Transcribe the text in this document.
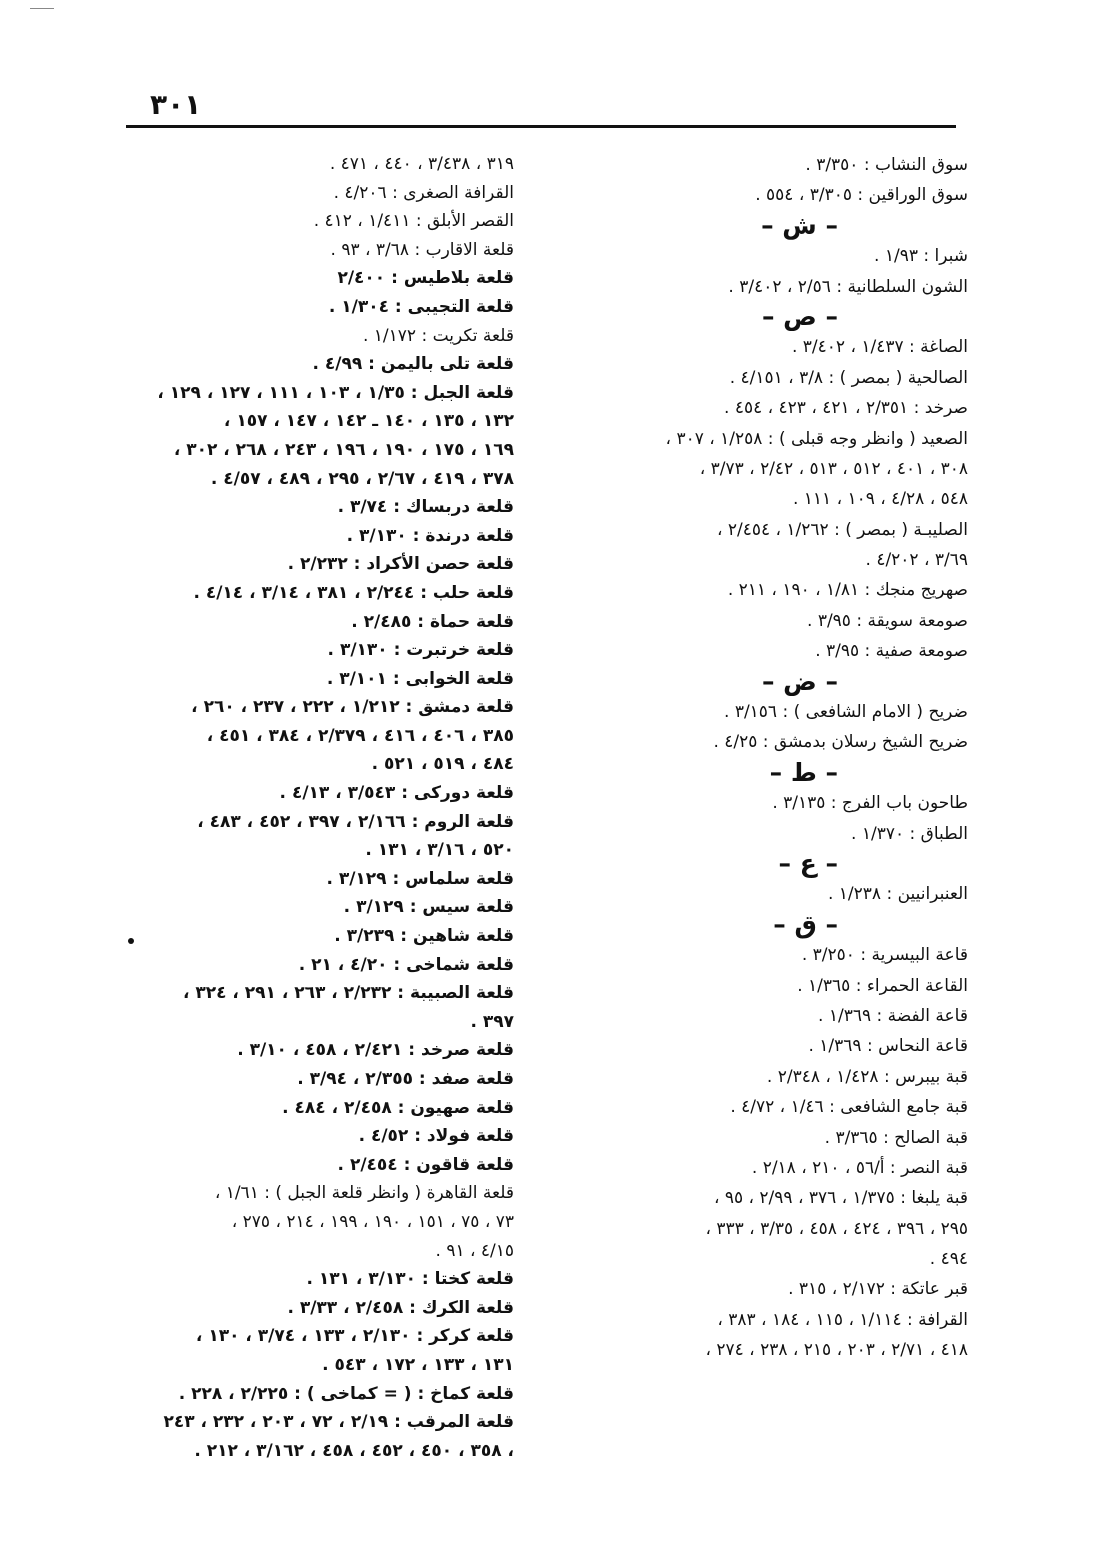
٣٠١
سوق النشاب : ٣/٣٥٠ .
سوق الوراقين : ٣/٣٠٥ ، ٥٥٤ .
– ش –
شبرا : ١/٩٣ .
الشون السلطانية : ٢/٥٦ ، ٣/٤٠٢ .
– ص –
الصاغة : ١/٤٣٧ ، ٣/٤٠٢ .
الصالحية ( بمصر ) : ٣/٨ ، ٤/١٥١ .
صرخد : ٢/٣٥١ ، ٤٢١ ، ٤٢٣ ، ٤٥٤ .
الصعيد ( وانظر وجه قبلى ) : ١/٢٥٨ ، ٣٠٧ ،
٣٠٨ ، ٤٠١ ، ٥١٢ ، ٥١٣ ، ٢/٤٢ ، ٣/٧٣ ،
٥٤٨ ، ٤/٢٨ ، ١٠٩ ، ١١١ .
الصليبـة ( بمصر ) : ١/٢٦٢ ، ٢/٤٥٤ ،
٣/٦٩ ، ٤/٢٠٢ .
صهريج منجك : ١/٨١ ، ١٩٠ ، ٢١١ .
صومعة سويقة : ٣/٩٥ .
صومعة صفية : ٣/٩٥ .
– ض –
ضريح ( الامام الشافعى ) : ٣/١٥٦ .
ضريح الشيخ رسلان بدمشق : ٤/٢٥ .
– ط –
طاحون باب الفرج : ٣/١٣٥ .
الطباق : ١/٣٧٠ .
– ع –
العنبرانيين : ١/٢٣٨ .
– ق –
قاعة البيسرية : ٣/٢٥٠ .
القاعة الحمراء : ١/٣٦٥ .
قاعة الفضة : ١/٣٦٩ .
قاعة النحاس : ١/٣٦٩ .
قبة بيبرس : ١/٤٢٨ ، ٢/٣٤٨ .
قبة جامع الشافعى : ١/٤٦ ، ٤/٧٢ .
قبة الصالح : ٣/٣٦٥ .
قبة النصر : أ/٥٦ ، ٢١٠ ، ٢/١٨ .
قبة يلبغا : ١/٣٧٥ ، ٣٧٦ ، ٢/٩٩ ، ٩٥ ،
٢٩٥ ، ٣٩٦ ، ٤٢٤ ، ٤٥٨ ، ٣/٣٥ ، ٣٣٣ ،
٤٩٤ .
قبر عاتكة : ٢/١٧٢ ، ٣١٥ .
القرافة : ١/١١٤ ، ١١٥ ، ١٨٤ ، ٣٨٣ ،
٤١٨ ، ٢/٧١ ، ٢٠٣ ، ٢١٥ ، ٢٣٨ ، ٢٧٤ ،
٣١٩ ، ٣/٤٣٨ ، ٤٤٠ ، ٤٧١ .
القرافة الصغرى : ٤/٢٠٦ .
القصر الأبلق : ١/٤١١ ، ٤١٢ .
قلعة الاقارب : ٣/٦٨ ، ٩٣ .
قلعة بلاطيس : ٢/٤٠٠
قلعة التجيبى : ١/٣٠٤ .
قلعة تكريت : ١/١٧٢ .
قلعة تلى باليمن : ٤/٩٩ .
قلعة الجبل : ١/٣٥ ، ١٠٣ ، ١١١ ، ١٢٧ ، ١٢٩ ،
١٣٢ ، ١٣٥ ، ١٤٠ ـ ١٤٢ ، ١٤٧ ، ١٥٧ ،
١٦٩ ، ١٧٥ ، ١٩٠ ، ١٩٦ ، ٢٤٣ ، ٢٦٨ ، ٣٠٢ ،
٣٧٨ ، ٤١٩ ، ٢/٦٧ ، ٢٩٥ ، ٤٨٩ ، ٤/٥٧ .
قلعة دربساك : ٣/٧٤ .
قلعة درندة : ٣/١٣٠ .
قلعة حصن الأكراد : ٢/٢٣٢ .
قلعة حلب : ٢/٢٤٤ ، ٣٨١ ، ٣/١٤ ، ٤/١٤ .
قلعة حماة : ٢/٤٨٥ .
قلعة خرتبرت : ٣/١٣٠ .
قلعة الخوابى : ٣/١٠١ .
قلعة دمشق : ١/٢١٢ ، ٢٢٢ ، ٢٣٧ ، ٢٦٠ ،
٣٨٥ ، ٤٠٦ ، ٤١٦ ، ٢/٣٧٩ ، ٣٨٤ ، ٤٥١ ،
٤٨٤ ، ٥١٩ ، ٥٢١ .
قلعة دوركى : ٣/٥٤٣ ، ٤/١٣ .
قلعة الروم : ٢/١٦٦ ، ٣٩٧ ، ٤٥٢ ، ٤٨٣ ،
٥٢٠ ، ٣/١٦ ، ١٣١ .
قلعة سلماس : ٣/١٢٩ .
قلعة سيس : ٣/١٢٩ .
قلعة شاهين : ٣/٢٣٩ .
قلعة شماخى : ٤/٢٠ ، ٢١ .
قلعة الصبيبة : ٢/٢٣٢ ، ٢٦٣ ، ٢٩١ ، ٣٢٤ ،
٣٩٧ .
قلعة صرخد : ٢/٤٢١ ، ٤٥٨ ، ٣/١٠ .
قلعة صفد : ٢/٣٥٥ ، ٣/٩٤ .
قلعة صهيون : ٢/٤٥٨ ، ٤٨٤ .
قلعة فولاد : ٤/٥٢ .
قلعة قاقون : ٢/٤٥٤ .
قلعة القاهرة ( وانظر قلعة الجبل ) : ١/٦١ ،
٧٣ ، ٧٥ ، ١٥١ ، ١٩٠ ، ١٩٩ ، ٢١٤ ، ٢٧٥ ،
٤/١٥ ، ٩١ .
قلعة كختا : ٣/١٣٠ ، ١٣١ .
قلعة الكرك : ٢/٤٥٨ ، ٣/٣٣ .
قلعة كركر : ٢/١٣٠ ، ١٣٣ ، ٣/٧٤ ، ١٣٠ ،
١٣١ ، ١٣٣ ، ١٧٢ ، ٥٤٣ .
قلعة كماخ : ( = كماخى ) : ٢/٢٢٥ ، ٢٢٨ .
قلعة المرقب : ٢/١٩ ، ٧٢ ، ٢٠٣ ، ٢٣٢ ، ٢٤٣
، ٣٥٨ ، ٤٥٠ ، ٤٥٢ ، ٤٥٨ ، ٣/١٦٢ ، ٢١٢ .
